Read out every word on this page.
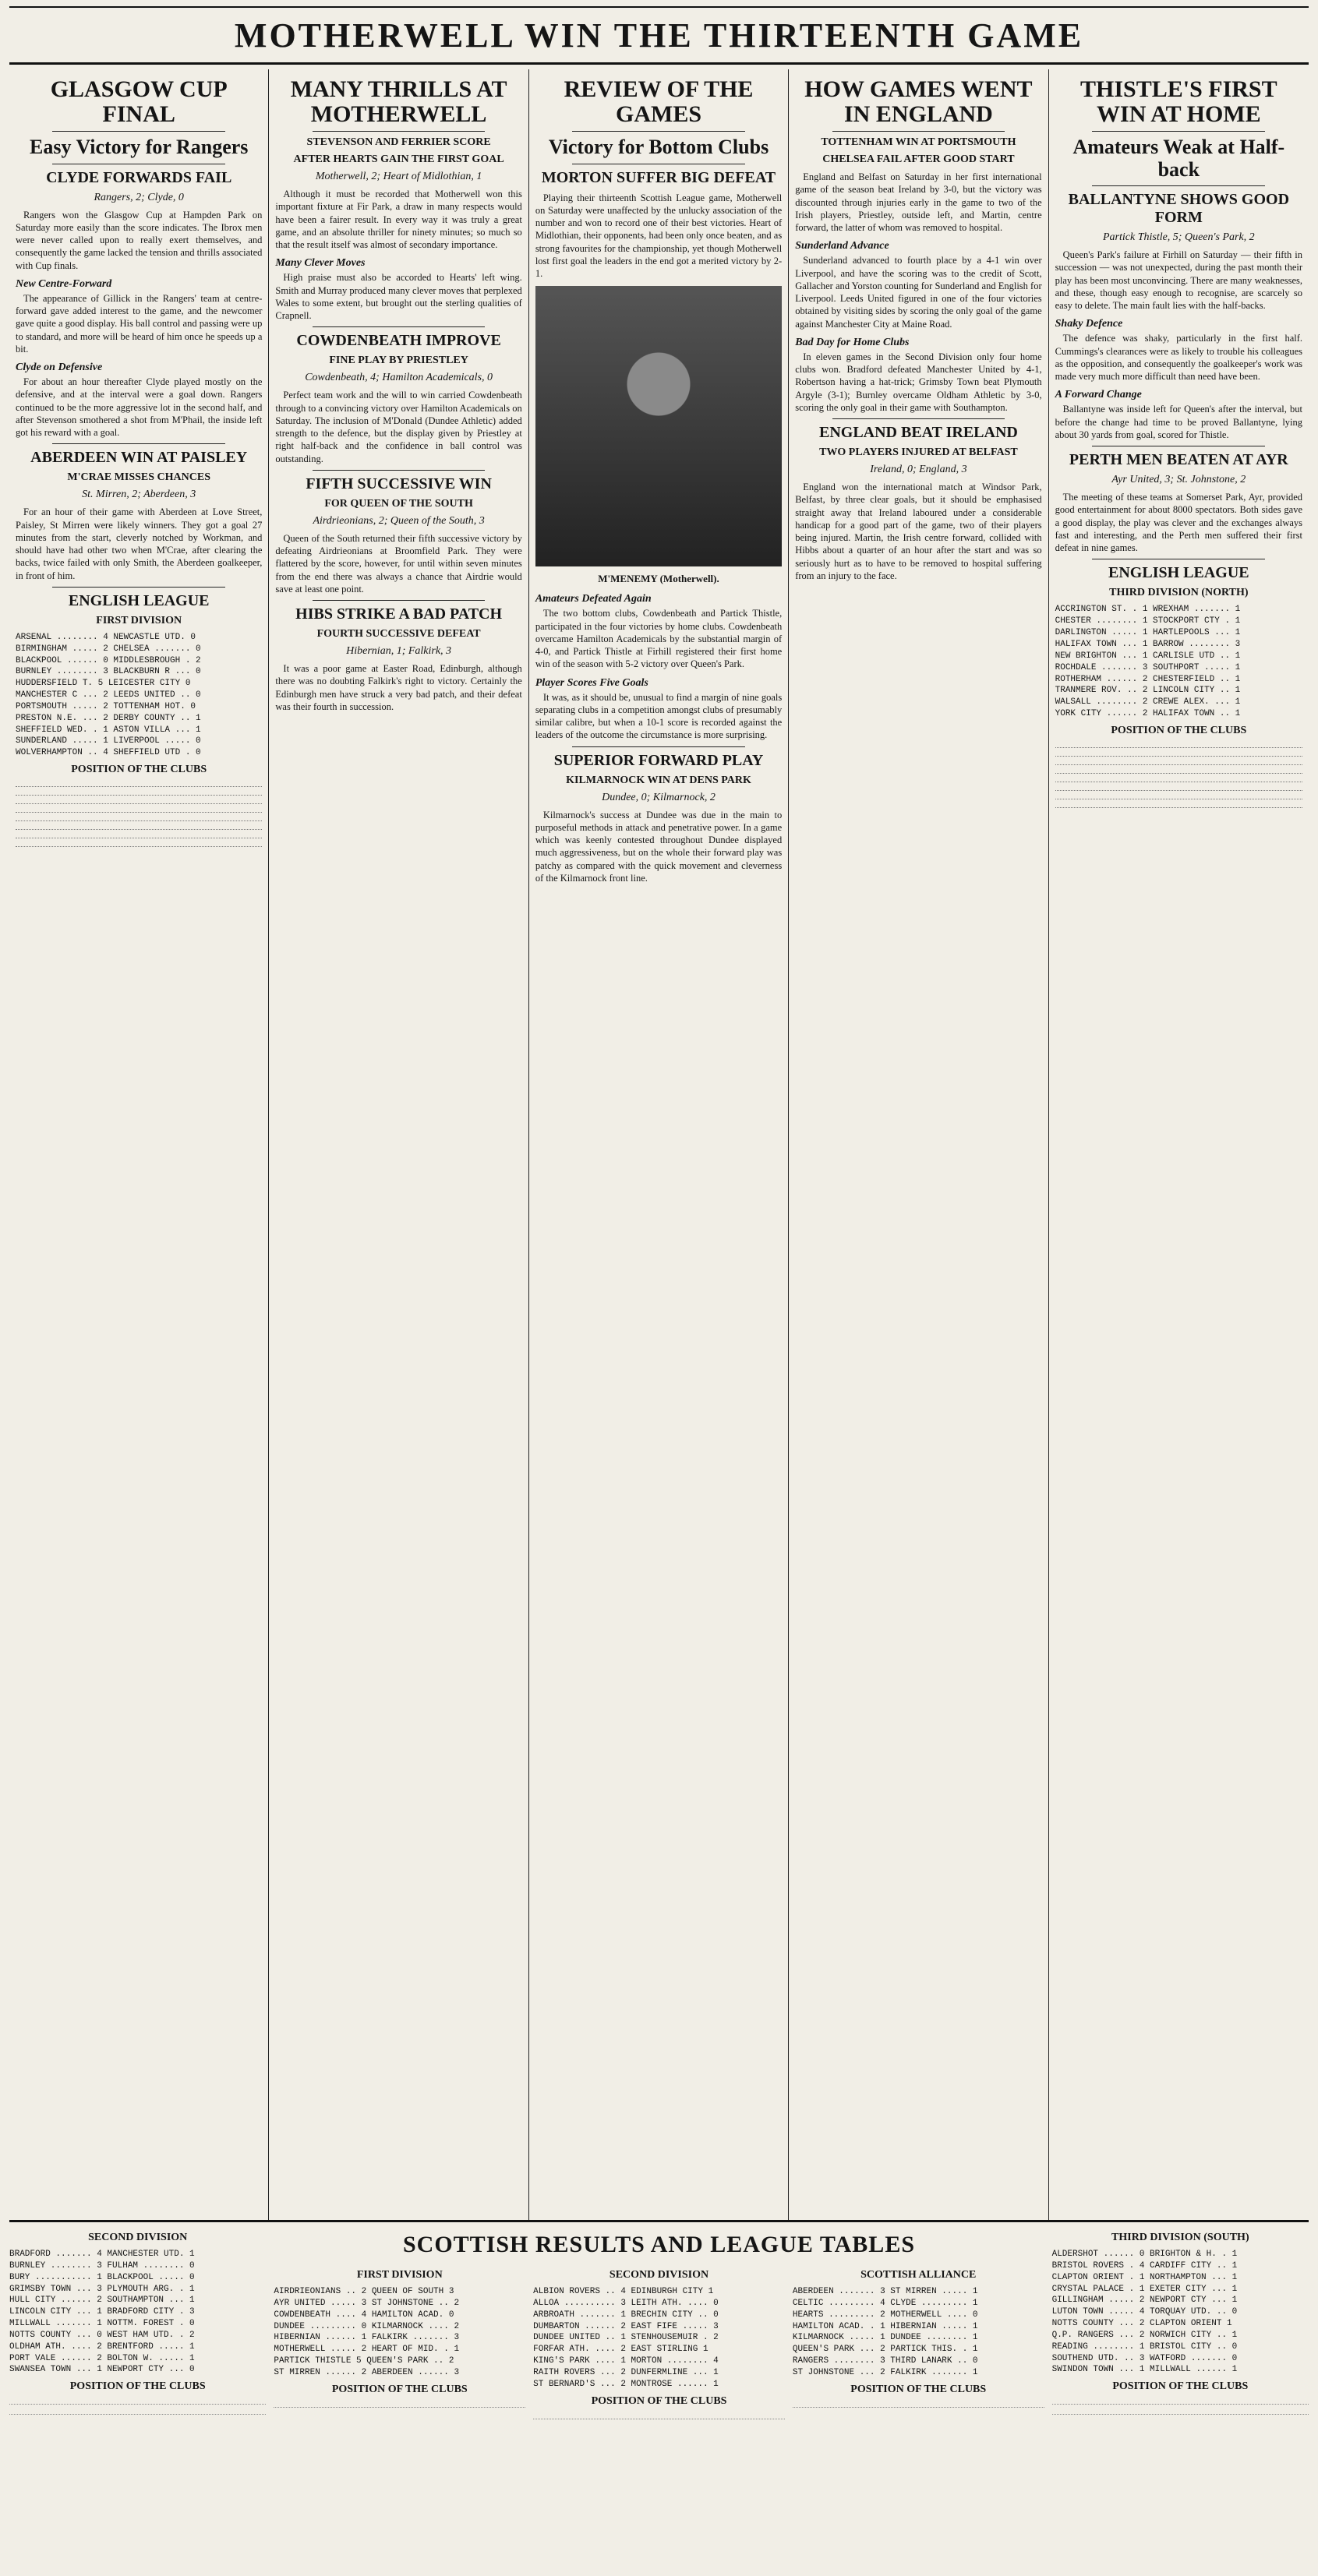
MOTHERWELL WIN THE THIRTEENTH GAME
GLASGOW CUP FINAL
Easy Victory for Rangers
CLYDE FORWARDS FAIL
Rangers, 2; Clyde, 0

Rangers won the Glasgow Cup at Hampden Park on Saturday more easily than the score indicates. The Ibrox men were never called upon to really exert themselves, and consequently the game lacked the tension and thrills associated with Cup finals.

New Centre-Forward

The appearance of Gillick in the Rangers' team at centre-forward gave added interest to the game, and the newcomer gave quite a good display. His ball control and passing were up to standard, and more will be heard of him once he speeds up a bit.

Clyde on Defensive

For about an hour thereafter Clyde played mostly on the defensive, and at the interval were a goal down. Rangers continued to be the more aggressive lot in the second half, and after Stevenson smothered a shot from M'Phail, the inside left got his reward with a goal.

ABERDEEN WIN AT PAISLEY
M'CRAE MISSES CHANCES
St. Mirren, 2; Aberdeen, 3

For an hour of their game with Aberdeen at Love Street, Paisley, St Mirren were likely winners. They got a goal 27 minutes from the start, cleverly notched by Workman, and should have had other two when M'Crae, after clearing the backs, twice failed with only Smith, the Aberdeen goalkeeper, in front of him.

ENGLISH LEAGUE
FIRST DIVISION
ARSENAL ........ 4 NEWCASTLE UTD. 0
BIRMINGHAM ..... 2 CHELSEA ....... 0
BLACKPOOL ...... 0 MIDDLESBROUGH . 2
BURNLEY ........ 3 BLACKBURN R ... 0
HUDDERSFIELD T. 5 LEICESTER CITY 0
MANCHESTER C ... 2 LEEDS UNITED .. 0
PORTSMOUTH ..... 2 TOTTENHAM HOT. 0
PRESTON N.E. ... 2 DERBY COUNTY .. 1
SHEFFIELD WED. . 1 ASTON VILLA ... 1
SUNDERLAND ..... 1 LIVERPOOL ..... 0
WOLVERHAMPTON .. 4 SHEFFIELD UTD . 0
POSITION OF THE CLUBS
MANY THRILLS AT MOTHERWELL
STEVENSON AND FERRIER SCORE
AFTER HEARTS GAIN THE FIRST GOAL
Motherwell, 2; Heart of Midlothian, 1

Although it must be recorded that Motherwell won this important fixture at Fir Park, a draw in many respects would have been a fairer result. In every way it was truly a great game, and an absolute thriller for ninety minutes; so much so that the result itself was almost of secondary importance.

Many Clever Moves

High praise must also be accorded to Hearts' left wing. Smith and Murray produced many clever moves that perplexed Wales to some extent, but brought out the sterling qualities of Crapnell.

COWDENBEATH IMPROVE
FINE PLAY BY PRIESTLEY
Cowdenbeath, 4; Hamilton Academicals, 0

Perfect team work and the will to win carried Cowdenbeath through to a convincing victory over Hamilton Academicals on Saturday. The inclusion of M'Donald (Dundee Athletic) added strength to the defence, but the display given by Priestley at right half-back and the confidence in ball control was outstanding.

FIFTH SUCCESSIVE WIN
FOR QUEEN OF THE SOUTH
Airdrieonians, 2; Queen of the South, 3

Queen of the South returned their fifth successive victory by defeating Airdrieonians at Broomfield Park. They were flattered by the score, however, for until within seven minutes from the end there was always a chance that Airdrie would save at least one point.

HIBS STRIKE A BAD PATCH
FOURTH SUCCESSIVE DEFEAT
Hibernian, 1; Falkirk, 3

It was a poor game at Easter Road, Edinburgh, although there was no doubting Falkirk's right to victory. Certainly the Edinburgh men have struck a very bad patch, and their defeat was their fourth in succession.

REVIEW OF THE GAMES
Victory for Bottom Clubs
MORTON SUFFER BIG DEFEAT

Playing their thirteenth Scottish League game, Motherwell on Saturday were unaffected by the unlucky association of the number and won to record one of their best victories. Heart of Midlothian, their opponents, had been only once beaten, and as strong favourites for the championship, yet though Motherwell lost first goal the leaders in the end got a merited victory by 2-1.

M'MENEMY (Motherwell).
Amateurs Defeated Again

The two bottom clubs, Cowdenbeath and Partick Thistle, participated in the four victories by home clubs. Cowdenbeath overcame Hamilton Academicals by the substantial margin of 4-0, and Partick Thistle at Firhill registered their first home win of the season with 5-2 victory over Queen's Park.

Player Scores Five Goals

It was, as it should be, unusual to find a margin of nine goals separating clubs in a competition amongst clubs of presumably similar calibre, but when a 10-1 score is recorded against the leaders of the outcome the circumstance is more surprising.

SUPERIOR FORWARD PLAY
KILMARNOCK WIN AT DENS PARK
Dundee, 0; Kilmarnock, 2

Kilmarnock's success at Dundee was due in the main to purposeful methods in attack and penetrative power. In a game which was keenly contested throughout Dundee displayed much aggressiveness, but on the whole their forward play was patchy as compared with the quick movement and cleverness of the Kilmarnock front line.

HOW GAMES WENT IN ENGLAND
TOTTENHAM WIN AT PORTSMOUTH
CHELSEA FAIL AFTER GOOD START

England and Belfast on Saturday in her first international game of the season beat Ireland by 3-0, but the victory was discounted through injuries early in the game to two of the Irish players, Priestley, outside left, and Martin, centre forward, the latter of whom was removed to hospital.

Sunderland Advance

Sunderland advanced to fourth place by a 4-1 win over Liverpool, and have the scoring was to the credit of Scott, Gallacher and Yorston counting for Sunderland and English for Liverpool. Leeds United figured in one of the four victories obtained by visiting sides by scoring the only goal of the game against Manchester City at Maine Road.

Bad Day for Home Clubs

In eleven games in the Second Division only four home clubs won. Bradford defeated Manchester United by 4-1, Robertson having a hat-trick; Grimsby Town beat Plymouth Argyle (3-1); Burnley overcame Oldham Athletic by 3-0, scoring the only goal in their game with Southampton.

ENGLAND BEAT IRELAND
TWO PLAYERS INJURED AT BELFAST
Ireland, 0; England, 3

England won the international match at Windsor Park, Belfast, by three clear goals, but it should be emphasised straight away that Ireland laboured under a considerable handicap for a good part of the game, two of their players being injured. Martin, the Irish centre forward, collided with Hibbs about a quarter of an hour after the start and was so seriously hurt as to have to be removed to hospital suffering from an injury to the face.

THISTLE'S FIRST WIN AT HOME
Amateurs Weak at Half-back
BALLANTYNE SHOWS GOOD FORM
Partick Thistle, 5; Queen's Park, 2

Queen's Park's failure at Firhill on Saturday — their fifth in succession — was not unexpected, during the past month their play has been most unconvincing. There are many weaknesses, and these, though easy enough to recognise, are scarcely so easy to delete. The main fault lies with the half-backs.

Shaky Defence

The defence was shaky, particularly in the first half. Cummings's clearances were as likely to trouble his colleagues as the opposition, and consequently the goalkeeper's work was made very much more difficult than need have been.

A Forward Change

Ballantyne was inside left for Queen's after the interval, but before the change had time to be proved Ballantyne, lying about 30 yards from goal, scored for Thistle.

PERTH MEN BEATEN AT AYR
Ayr United, 3; St. Johnstone, 2

The meeting of these teams at Somerset Park, Ayr, provided good entertainment for about 8000 spectators. Both sides gave a good display, the play was clever and the exchanges always fast and interesting, and the Perth men suffered their first defeat in nine games.

ENGLISH LEAGUE
THIRD DIVISION (NORTH)
ACCRINGTON ST. . 1 WREXHAM ....... 1
CHESTER ........ 1 STOCKPORT CTY . 1
DARLINGTON ..... 1 HARTLEPOOLS ... 1
HALIFAX TOWN ... 1 BARROW ........ 3
NEW BRIGHTON ... 1 CARLISLE UTD .. 1
ROCHDALE ....... 3 SOUTHPORT ..... 1
ROTHERHAM ...... 2 CHESTERFIELD .. 1
TRANMERE ROV. .. 2 LINCOLN CITY .. 1
WALSALL ........ 2 CREWE ALEX. ... 1
YORK CITY ...... 2 HALIFAX TOWN .. 1
POSITION OF THE CLUBS
SECOND DIVISION
BRADFORD ....... 4 MANCHESTER UTD. 1
BURNLEY ........ 3 FULHAM ........ 0
BURY ........... 1 BLACKPOOL ..... 0
GRIMSBY TOWN ... 3 PLYMOUTH ARG. . 1
HULL CITY ...... 2 SOUTHAMPTON ... 1
LINCOLN CITY ... 1 BRADFORD CITY . 3
MILLWALL ....... 1 NOTTM. FOREST . 0
NOTTS COUNTY ... 0 WEST HAM UTD. . 2
OLDHAM ATH. .... 2 BRENTFORD ..... 1
PORT VALE ...... 2 BOLTON W. ..... 1
SWANSEA TOWN ... 1 NEWPORT CTY ... 0
POSITION OF THE CLUBS
SCOTTISH RESULTS AND LEAGUE TABLES
FIRST DIVISION
AIRDRIEONIANS .. 2 QUEEN OF SOUTH 3
AYR UNITED ..... 3 ST JOHNSTONE .. 2
COWDENBEATH .... 4 HAMILTON ACAD. 0
DUNDEE ......... 0 KILMARNOCK .... 2
HIBERNIAN ...... 1 FALKIRK ....... 3
MOTHERWELL ..... 2 HEART OF MID. . 1
PARTICK THISTLE 5 QUEEN'S PARK .. 2
ST MIRREN ...... 2 ABERDEEN ...... 3
POSITION OF THE CLUBS
SECOND DIVISION
ALBION ROVERS .. 4 EDINBURGH CITY 1
ALLOA .......... 3 LEITH ATH. .... 0
ARBROATH ....... 1 BRECHIN CITY .. 0
DUMBARTON ...... 2 EAST FIFE ..... 3
DUNDEE UNITED .. 1 STENHOUSEMUIR . 2
FORFAR ATH. .... 2 EAST STIRLING 1
KING'S PARK .... 1 MORTON ........ 4
RAITH ROVERS ... 2 DUNFERMLINE ... 1
ST BERNARD'S ... 2 MONTROSE ...... 1
POSITION OF THE CLUBS
SCOTTISH ALLIANCE
ABERDEEN ....... 3 ST MIRREN ..... 1
CELTIC ......... 4 CLYDE ......... 1
HEARTS ......... 2 MOTHERWELL .... 0
HAMILTON ACAD. . 1 HIBERNIAN ..... 1
KILMARNOCK ..... 1 DUNDEE ........ 1
QUEEN'S PARK ... 2 PARTICK THIS. . 1
RANGERS ........ 3 THIRD LANARK .. 0
ST JOHNSTONE ... 2 FALKIRK ....... 1
POSITION OF THE CLUBS
THIRD DIVISION (SOUTH)
ALDERSHOT ...... 0 BRIGHTON & H. . 1
BRISTOL ROVERS . 4 CARDIFF CITY .. 1
CLAPTON ORIENT . 1 NORTHAMPTON ... 1
CRYSTAL PALACE . 1 EXETER CITY ... 1
GILLINGHAM ..... 2 NEWPORT CTY ... 1
LUTON TOWN ..... 4 TORQUAY UTD. .. 0
NOTTS COUNTY ... 2 CLAPTON ORIENT 1
Q.P. RANGERS ... 2 NORWICH CITY .. 1
READING ........ 1 BRISTOL CITY .. 0
SOUTHEND UTD. .. 3 WATFORD ....... 0
SWINDON TOWN ... 1 MILLWALL ...... 1
POSITION OF THE CLUBS
